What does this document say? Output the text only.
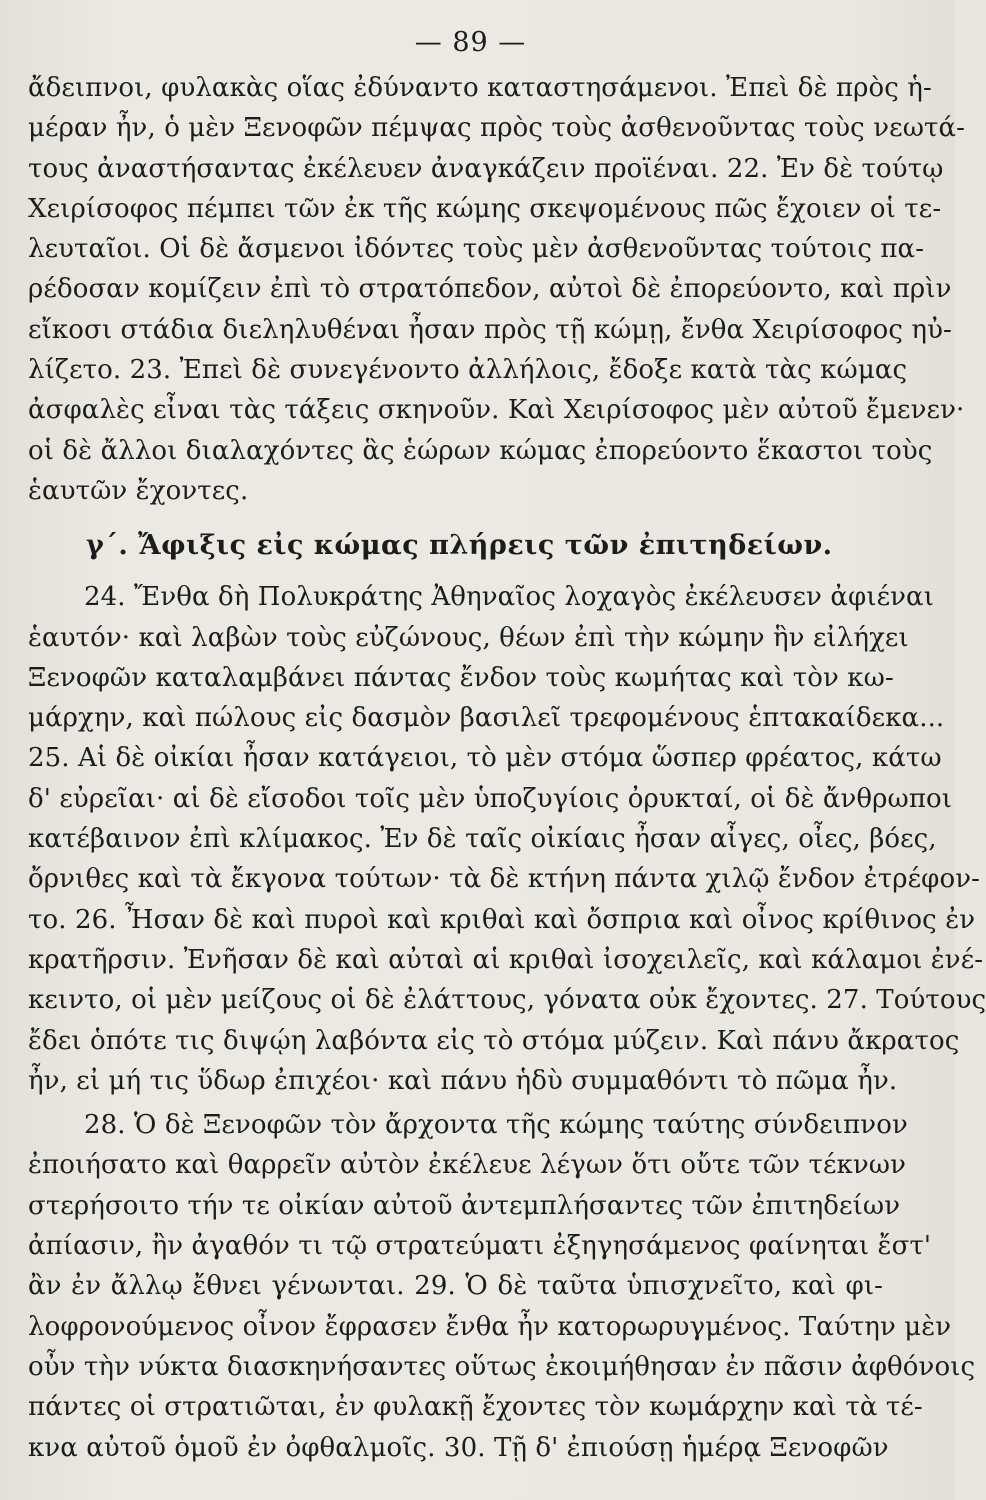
— 89 —
ἄδειπνοι, φυλακὰς οἵας ἐδύναντο καταστησάμενοι. Ἐπεὶ δὲ πρὸς ἡ-
μέραν ἦν, ὁ μὲν Ξενοφῶν πέμψας πρὸς τοὺς ἀσθενοῦντας τοὺς νεωτά-
τους ἀναστήσαντας ἐκέλευεν ἀναγκάζειν προϊέναι. 22. Ἐν δὲ τούτῳ
Χειρίσοφος πέμπει τῶν ἐκ τῆς κώμης σκεψομένους πῶς ἔχοιεν οἱ τε-
λευταῖοι. Οἱ δὲ ἄσμενοι ἰδόντες τοὺς μὲν ἀσθενοῦντας τούτοις πα-
ρέδοσαν κομίζειν ἐπὶ τὸ στρατόπεδον, αὐτοὶ δὲ ἐπορεύοντο, καὶ πρὶν
εἴκοσι στάδια διεληλυθέναι ἦσαν πρὸς τῇ κώμῃ, ἔνθα Χειρίσοφος ηὐ-
λίζετο. 23. Ἐπεὶ δὲ συνεγένοντο ἀλλήλοις, ἔδοξε κατὰ τὰς κώμας
ἀσφαλὲς εἶναι τὰς τάξεις σκηνοῦν. Καὶ Χειρίσοφος μὲν αὐτοῦ ἔμενεν·
οἱ δὲ ἄλλοι διαλαχόντες ἃς ἑώρων κώμας ἐπορεύοντο ἕκαστοι τοὺς
ἑαυτῶν ἔχοντες.
γ΄. Ἄφιξις εἰς κώμας πλήρεις τῶν ἐπιτηδείων.
24. Ἔνθα δὴ Πολυκράτης Ἀθηναῖος λοχαγὸς ἐκέλευσεν ἀφιέναι
ἑαυτόν· καὶ λαβὼν τοὺς εὐζώνους, θέων ἐπὶ τὴν κώμην ἣν εἰλήχει
Ξενοφῶν καταλαμβάνει πάντας ἔνδον τοὺς κωμήτας καὶ τὸν κω-
μάρχην, καὶ πώλους εἰς δασμὸν βασιλεῖ τρεφομένους ἑπτακαίδεκα...
25. Αἱ δὲ οἰκίαι ἦσαν κατάγειοι, τὸ μὲν στόμα ὥσπερ φρέατος, κάτω
δ' εὐρεῖαι· αἱ δὲ εἴσοδοι τοῖς μὲν ὑποζυγίοις ὀρυκταί, οἱ δὲ ἄνθρωποι
κατέβαινον ἐπὶ κλίμακος. Ἐν δὲ ταῖς οἰκίαις ἦσαν αἶγες, οἶες, βόες,
ὄρνιθες καὶ τὰ ἔκγονα τούτων· τὰ δὲ κτήνη πάντα χιλῷ ἔνδον ἐτρέφον-
το. 26. Ἦσαν δὲ καὶ πυροὶ καὶ κριθαὶ καὶ ὄσπρια καὶ οἶνος κρίθινος ἐν
κρατῆρσιν. Ἐνῆσαν δὲ καὶ αὐταὶ αἱ κριθαὶ ἰσοχειλεῖς, καὶ κάλαμοι ἐνέ-
κειντο, οἱ μὲν μείζους οἱ δὲ ἐλάττους, γόνατα οὐκ ἔχοντες. 27. Τούτους
ἔδει ὁπότε τις διψῴη λαβόντα εἰς τὸ στόμα μύζειν. Καὶ πάνυ ἄκρατος
ἦν, εἰ μή τις ὕδωρ ἐπιχέοι· καὶ πάνυ ἡδὺ συμμαθόντι τὸ πῶμα ἦν.
28. Ὁ δὲ Ξενοφῶν τὸν ἄρχοντα τῆς κώμης ταύτης σύνδειπνον
ἐποιήσατο καὶ θαρρεῖν αὐτὸν ἐκέλευε λέγων ὅτι οὔτε τῶν τέκνων
στερήσοιτο τήν τε οἰκίαν αὐτοῦ ἀντεμπλήσαντες τῶν ἐπιτηδείων
ἀπίασιν, ἢν ἀγαθόν τι τῷ στρατεύματι ἐξηγησάμενος φαίνηται ἔστ'
ἂν ἐν ἄλλῳ ἔθνει γένωνται. 29. Ὁ δὲ ταῦτα ὑπισχνεῖτο, καὶ φι-
λοφρονούμενος οἶνον ἔφρασεν ἔνθα ἦν κατορωρυγμένος. Ταύτην μὲν
οὖν τὴν νύκτα διασκηνήσαντες οὕτως ἐκοιμήθησαν ἐν πᾶσιν ἀφθόνοις
πάντες οἱ στρατιῶται, ἐν φυλακῇ ἔχοντες τὸν κωμάρχην καὶ τὰ τέ-
κνα αὐτοῦ ὁμοῦ ἐν ὀφθαλμοῖς. 30. Τῇ δ' ἐπιούσῃ ἡμέρᾳ Ξενοφῶν
